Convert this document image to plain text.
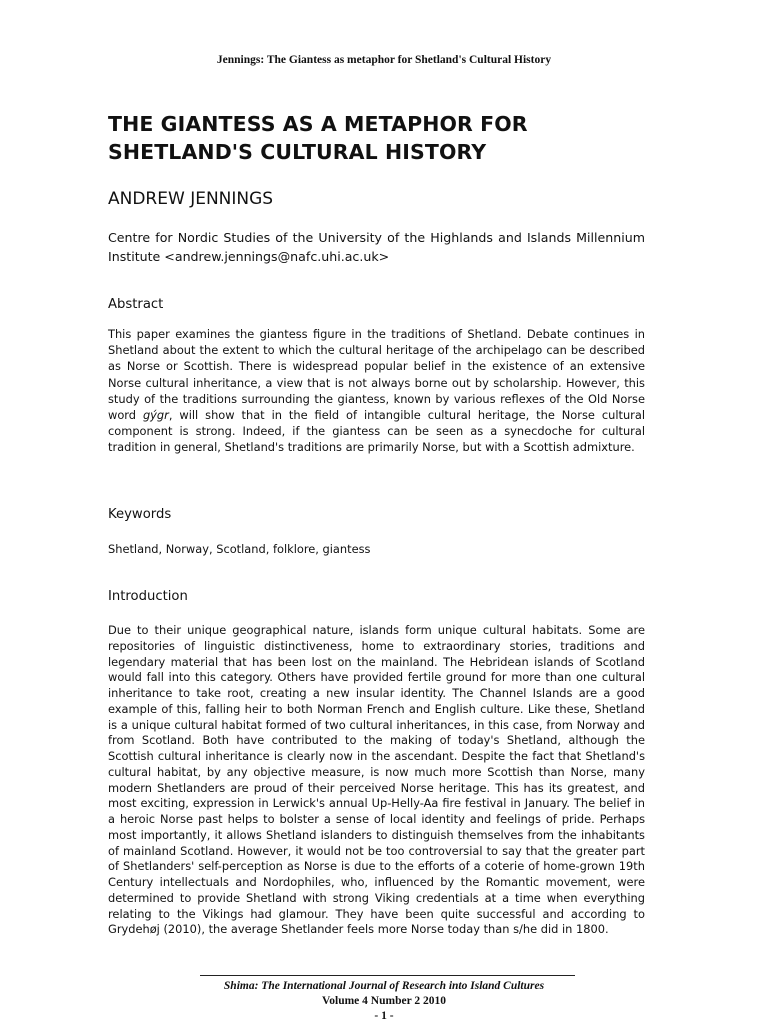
Jennings: The Giantess as metaphor for Shetland's Cultural History
THE GIANTESS AS A METAPHOR FOR
SHETLAND'S CULTURAL HISTORY
ANDREW JENNINGS
Centre for Nordic Studies of the University of the Highlands and Islands Millennium Institute <andrew.jennings@nafc.uhi.ac.uk>
Abstract

This paper examines the giantess figure in the traditions of Shetland. Debate continues in Shetland about the extent to which the cultural heritage of the archipelago can be described as Norse or Scottish. There is widespread popular belief in the existence of an extensive Norse cultural inheritance, a view that is not always borne out by scholarship. However, this study of the traditions surrounding the giantess, known by various reflexes of the Old Norse word gýgr, will show that in the field of intangible cultural heritage, the Norse cultural component is strong. Indeed, if the giantess can be seen as a synecdoche for cultural tradition in general, Shetland's traditions are primarily Norse, but with a Scottish admixture.

Keywords

Shetland, Norway, Scotland, folklore, giantess

Introduction

Due to their unique geographical nature, islands form unique cultural habitats. Some are repositories of linguistic distinctiveness, home to extraordinary stories, traditions and legendary material that has been lost on the mainland. The Hebridean islands of Scotland would fall into this category. Others have provided fertile ground for more than one cultural inheritance to take root, creating a new insular identity. The Channel Islands are a good example of this, falling heir to both Norman French and English culture. Like these, Shetland is a unique cultural habitat formed of two cultural inheritances, in this case, from Norway and from Scotland. Both have contributed to the making of today's Shetland, although the Scottish cultural inheritance is clearly now in the ascendant. Despite the fact that Shetland's cultural habitat, by any objective measure, is now much more Scottish than Norse, many modern Shetlanders are proud of their perceived Norse heritage. This has its greatest, and most exciting, expression in Lerwick's annual Up-Helly-Aa fire festival in January. The belief in a heroic Norse past helps to bolster a sense of local identity and feelings of pride. Perhaps most importantly, it allows Shetland islanders to distinguish themselves from the inhabitants of mainland Scotland. However, it would not be too controversial to say that the greater part of Shetlanders' self-perception as Norse is due to the efforts of a coterie of home-grown 19th Century intellectuals and Nordophiles, who, influenced by the Romantic movement, were determined to provide Shetland with strong Viking credentials at a time when everything relating to the Vikings had glamour. They have been quite successful and according to Grydehøj (2010), the average Shetlander feels more Norse today than s/he did in 1800.

Shima: The International Journal of Research into Island Cultures
Volume 4 Number 2 2010
- 1 -
